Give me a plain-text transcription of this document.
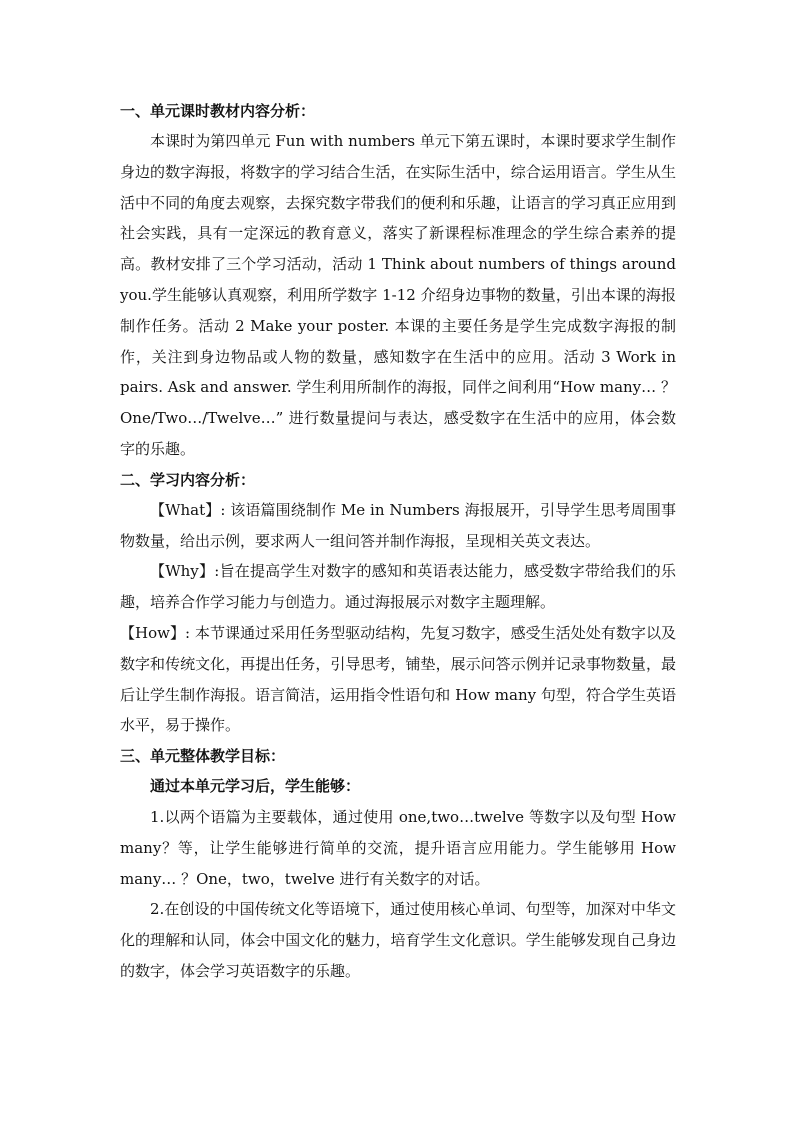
一、单元课时教材内容分析：

本课时为第四单元 Fun with numbers 单元下第五课时，本课时要求学生制作身边的数字海报，将数字的学习结合生活，在实际生活中，综合运用语言。学生从生活中不同的角度去观察，去探究数字带我们的便利和乐趣，让语言的学习真正应用到社会实践，具有一定深远的教育意义，落实了新课程标准理念的学生综合素养的提高。教材安排了三个学习活动，活动 1 Think about numbers of things around you.学生能够认真观察，利用所学数字 1-12 介绍身边事物的数量，引出本课的海报制作任务。活动 2 Make your poster. 本课的主要任务是学生完成数字海报的制作，关注到身边物品或人物的数量，感知数字在生活中的应用。活动 3 Work in pairs. Ask and answer. 学生利用所制作的海报，同伴之间利用“How many… ？One/Two…/Twelve…” 进行数量提问与表达，感受数字在生活中的应用，体会数字的乐趣。

二、学习内容分析：

【What】: 该语篇围绕制作 Me in Numbers 海报展开，引导学生思考周围事物数量，给出示例，要求两人一组问答并制作海报，呈现相关英文表达。

【Why】:旨在提高学生对数字的感知和英语表达能力，感受数字带给我们的乐趣，培养合作学习能力与创造力。通过海报展示对数字主题理解。

【How】: 本节课通过采用任务型驱动结构，先复习数字，感受生活处处有数字以及数字和传统文化，再提出任务，引导思考，铺垫，展示问答示例并记录事物数量，最后让学生制作海报。语言简洁，运用指令性语句和 How many 句型，符合学生英语水平，易于操作。

三、单元整体教学目标：

通过本单元学习后，学生能够：

1.以两个语篇为主要载体，通过使用 one,two…twelve 等数字以及句型 How many？等，让学生能够进行简单的交流，提升语言应用能力。学生能够用 How many… ？One，two，twelve 进行有关数字的对话。

2.在创设的中国传统文化等语境下，通过使用核心单词、句型等，加深对中华文化的理解和认同，体会中国文化的魅力，培育学生文化意识。学生能够发现自己身边的数字，体会学习英语数字的乐趣。
